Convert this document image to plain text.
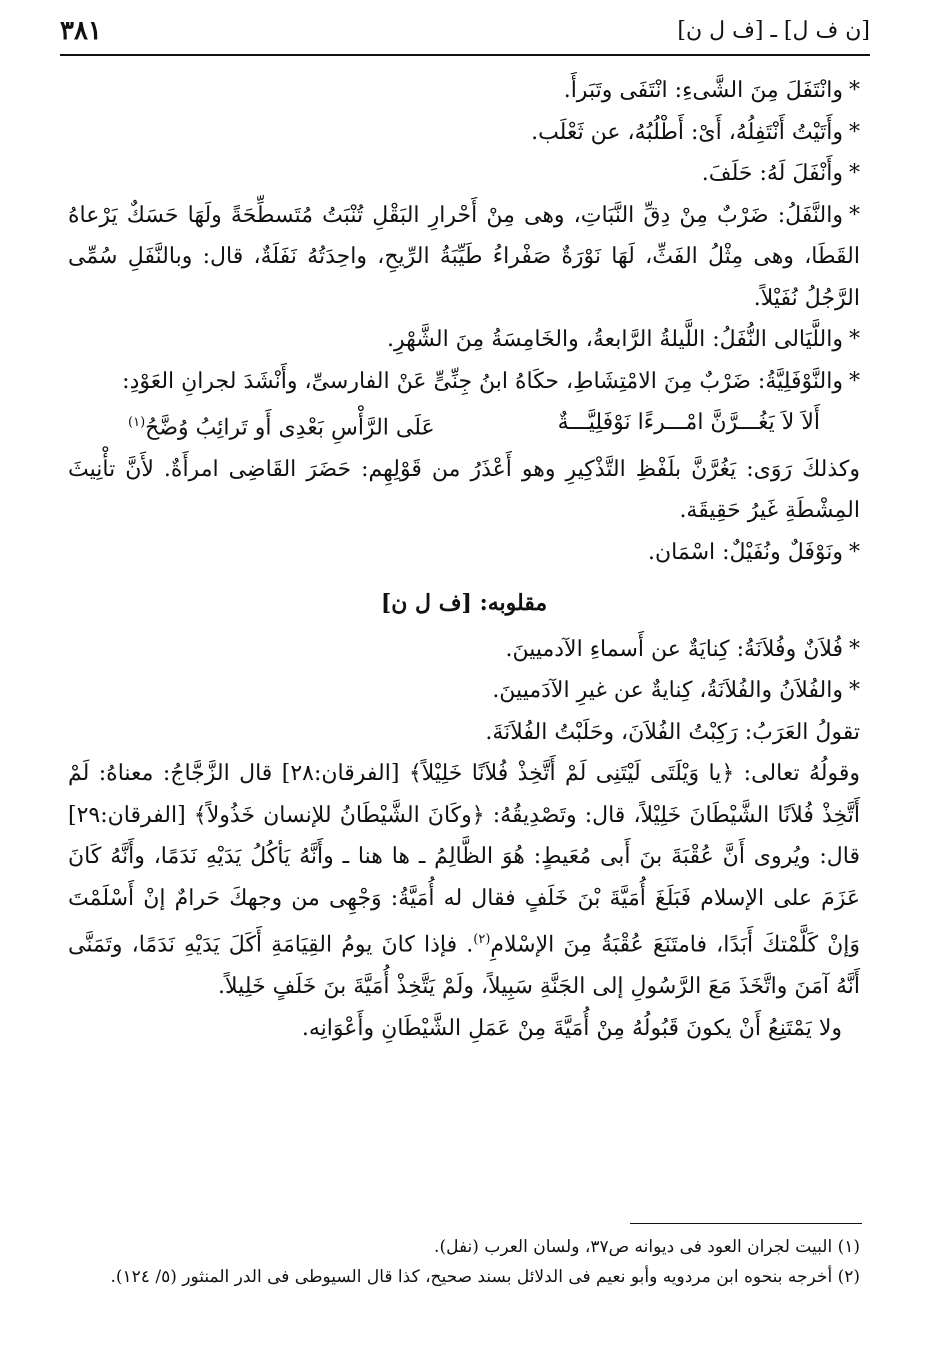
[ن ف ل] ـ [ف ل ن]
٣٨١

*وانْتَفَلَ مِنَ الشَّىءِ: انْتَفَى وتَبَرأَ.

*وأَتَيْتُ أَنْتَفِلُهُ، أَىْ: أَطْلُبُهُ، عن ثَعْلَب.

*وأَنْفَلَ لَهُ: حَلَفَ.

*والنَّفَلُ: ضَرْبٌ مِنْ دِقِّ النَّبَاتِ، وهى مِنْ أَحْرارِ البَقْلِ تُنْبَتُ مُتَسطِّحَةً ولَهَا حَسَكٌ يَرْعاهُ القَطَا، وهى مِثْلُ الفَثِّ، لَهَا نَوْرَةٌ صَفْراءُ طَيِّبَةُ الرِّيحِ، واحِدَتُهُ نَفَلَةٌ، قال: وبالنَّفَلِ سُمِّى الرَّجُلُ نُفَيْلاً.

*واللَّيَالى النُّفَلُ: اللَّيلةُ الرَّابعةُ، والخَامِسَةُ مِنَ الشَّهْرِ.

*والنَّوْفَلِيَّةُ: ضَرْبٌ مِنَ الامْتِشَاطِ، حكَاهُ ابنُ جِنِّىٍّ عَنْ الفارسىِّ، وأَنْشَدَ لجرانِ العَوْدِ:

أَلاَ لاَ يَغُـــرَّنَّ امْـــرءًا نَوْفَلِيَّـــةٌ
عَلَى الرَّأْسِ بَعْدِى أَو تَرائِبُ وُضَّحُ$^{(١)}$

وكذلكَ رَوَى: يَغُرَّنَّ بلَفْظِ التَّذْكِيرِ وهو أَعْذَرُ من قَوْلِهِم: حَضَرَ القَاضِى امرأَةٌ. لأَنَّ تأْنِيثَ المِشْطَةِ غَيرُ حَقِيقَة.

*ونَوْفَلٌ ونُفَيْلٌ: اسْمَان.

مقلوبه: [ف ل ن]

*فُلاَنٌ وفُلاَنَةُ: كِنايَةٌ عن أَسماءِ الآدميينَ.

*والفُلاَنُ والفُلاَنَةُ، كِنايةٌ عن غيرِ الآدَميينَ.

تقولُ العَرَبُ: رَكِبْتُ الفُلاَنَ، وحَلَبْتُ الفُلاَنَةَ.

وقولُهُ تعالى: ﴿يا وَيْلَتَى لَيْتَنِى لَمْ أَتَّخِذْ فُلاَنًا خَلِيْلاً﴾ [الفرقان:٢٨] قال الزَّجَّاجُ: معناهُ: لَمْ أَتَّخِذْ فُلاَنًا الشَّيْطَانَ خَلِيْلاً، قال: وتَصْدِيقُهُ: ﴿وكَانَ الشَّيْطَانُ للإنسان خَذُولاً﴾ [الفرقان:٢٩] قال: ويُروى أَنَّ عُقْبَةَ بنَ أَبى مُعَيطٍ: هُوَ الظَّالِمُ ـ ها هنا ـ وأَنَّهُ يَأكُلُ يَدَيْهِ نَدَمًا، وأَنَّهُ كَانَ عَزَمَ على الإسلام فَبَلَغَ أُمَيَّةَ بْنَ خَلَفٍ فقال له أُمَيَّةُ: وَجْهِى من وجهكَ حَرامٌ إنْ أَسْلَمْتَ وَإنْ كَلَّمْتكَ أَبَدًا، فامتَنَعَ عُقْبَةُ مِنَ الإسْلامِ$^{(٢)}$. فإذا كانَ يومُ القِيَامَةِ أَكَلَ يَدَيْهِ نَدَمًا، وتَمَنَّى أَنَّهُ آمَنَ واتَّخَذَ مَعَ الرَّسُولِ إلى الجَنَّةِ سَبِيلاً، ولَمْ يَتَّخِذْ أُمَيَّةَ بنَ خَلَفٍ خَلِيلاً.

ولا يَمْتَنِعُ أَنْ يكونَ قَبُولُهُ مِنْ أُمَيَّةَ مِنْ عَمَلِ الشَّيْطَانِ وأَعْوَانِه.

(١) البيت لجران العود فى ديوانه ص٣٧، ولسان العرب (نفل).

(٢) أخرجه بنحوه ابن مردويه وأبو نعيم فى الدلائل بسند صحيح، كذا قال السيوطى فى الدر المنثور (٥/ ١٢٤).
